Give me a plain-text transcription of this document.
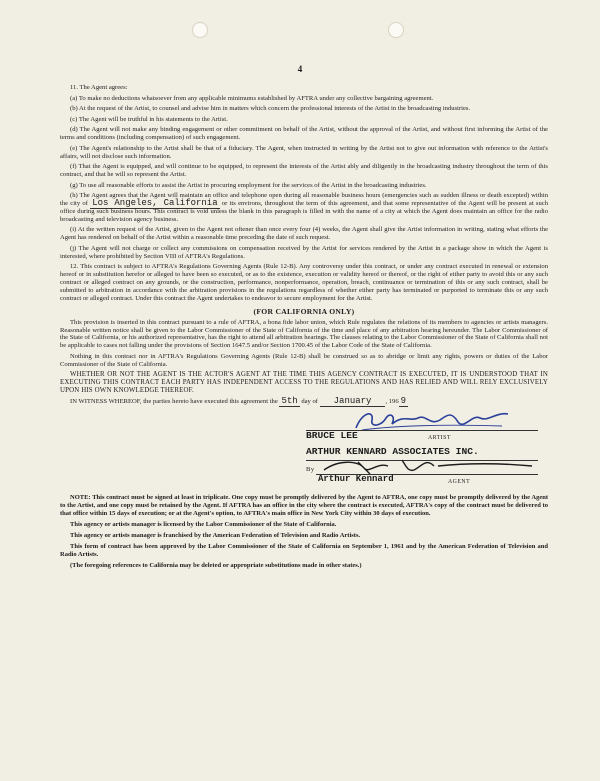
4

11. The Agent agrees:

(a) To make no deductions whatsoever from any applicable minimums established by AFTRA under any collective bargaining agreement.

(b) At the request of the Artist, to counsel and advise him in matters which concern the professional interests of the Artist in the broadcasting industries.

(c) The Agent will be truthful in his statements to the Artist.

(d) The Agent will not make any binding engagement or other commitment on behalf of the Artist, without the approval of the Artist, and without first informing the Artist of the terms and conditions (including compensation) of such engagement.

(e) The Agent's relationship to the Artist shall be that of a fiduciary. The Agent, when instructed in writing by the Artist not to give out information with reference to the Artist's affairs, will not disclose such information.

(f) That the Agent is equipped, and will continue to be equipped, to represent the interests of the Artist ably and diligently in the broadcasting industry throughout the term of this contract, and that he will so represent the Artist.

(g) To use all reasonable efforts to assist the Artist in procuring employment for the services of the Artist in the broadcasting industries.

(h) The Agent agrees that the Agent will maintain an office and telephone open during all reasonable business hours (emergencies such as sudden illness or death excepted) within the city of Los Angeles, California or its environs, throughout the term of this agreement, and that some representative of the Agent will be present at such office during such business hours. This contract is void unless the blank in this paragraph is filled in with the name of a city at which the Agent does maintain an office for the radio broadcasting and television agency business.

(i) At the written request of the Artist, given to the Agent not oftener than once every four (4) weeks, the Agent shall give the Artist information in writing, stating what efforts the Agent has rendered on behalf of the Artist within a reasonable time preceding the date of such request.

(j) The Agent will not charge or collect any commissions on compensation received by the Artist for services rendered by the Artist in a package show in which the Agent is interested, where prohibited by Section VIII of AFTRA's Regulations.

12. This contract is subject to AFTRA's Regulations Governing Agents (Rule 12-B). Any controversy under this contract, or under any contract executed in renewal or extension hereof or in substitution herefor or alleged to have been so executed, or as to the existence, execution or validity hereof or thereof, or the right of either party to avoid this or any such contract or alleged contract on any grounds, or the construction, performance, nonperformance, operation, breach, continuance or termination of this or any such contract, shall be submitted to arbitration in accordance with the arbitration provisions in the regulations regardless of whether either party has terminated or purported to terminate this or any such contract or alleged contract. Under this contract the Agent undertakes to endeavor to secure employment for the Artist.

(FOR CALIFORNIA ONLY)

This provision is inserted in this contract pursuant to a rule of AFTRA, a bona fide labor union, which Rule regulates the relations of its members to agencies or artists managers. Reasonable written notice shall be given to the Labor Commissioner of the State of California of the time and place of any arbitration hearing hereunder. The Labor Commissioner of the State of California, or his authorized representative, has the right to attend all arbitration hearings. The clauses relating to the Labor Commissioner of the State of California shall not be applicable to cases not falling under the provisions of Section 1647.5 and/or Section 1700.45 of the Labor Code of the State of California.

Nothing in this contract nor in AFTRA's Regulations Governing Agents (Rule 12-B) shall be construed so as to abridge or limit any rights, powers or duties of the Labor Commissioner of the State of California.

WHETHER OR NOT THE AGENT IS THE ACTOR'S AGENT AT THE TIME THIS AGENCY CONTRACT IS EXECUTED, IT IS UNDERSTOOD THAT IN EXECUTING THIS CONTRACT EACH PARTY HAS INDEPENDENT ACCESS TO THE REGULATIONS AND HAS RELIED AND WILL RELY EXCLUSIVELY UPON HIS OWN KNOWLEDGE THEREOF.

IN WITNESS WHEREOF, the parties hereto have executed this agreement the 5th day of January , 196 9

BRUCE LEE	ARTIST
ARTHUR KENNARD ASSOCIATES INC.
By
Arthur Kennard	AGENT

NOTE: This contract must be signed at least in triplicate. One copy must be promptly delivered by the Agent to AFTRA, one copy must be promptly delivered by the Agent to the Artist, and one copy must be retained by the Agent. If AFTRA has an office in the city where the contract is executed, AFTRA's copy of the contract must be delivered to that office within 15 days of execution; or at the Agent's option, to AFTRA's main office in New York City within 30 days of execution.

This agency or artists manager is licensed by the Labor Commissioner of the State of California.

This agency or artists manager is franchised by the American Federation of Television and Radio Artists.

This form of contract has been approved by the Labor Commissioner of the State of California on September 1, 1961 and by the American Federation of Television and Radio Artists.

(The foregoing references to California may be deleted or appropriate substitutions made in other states.)
